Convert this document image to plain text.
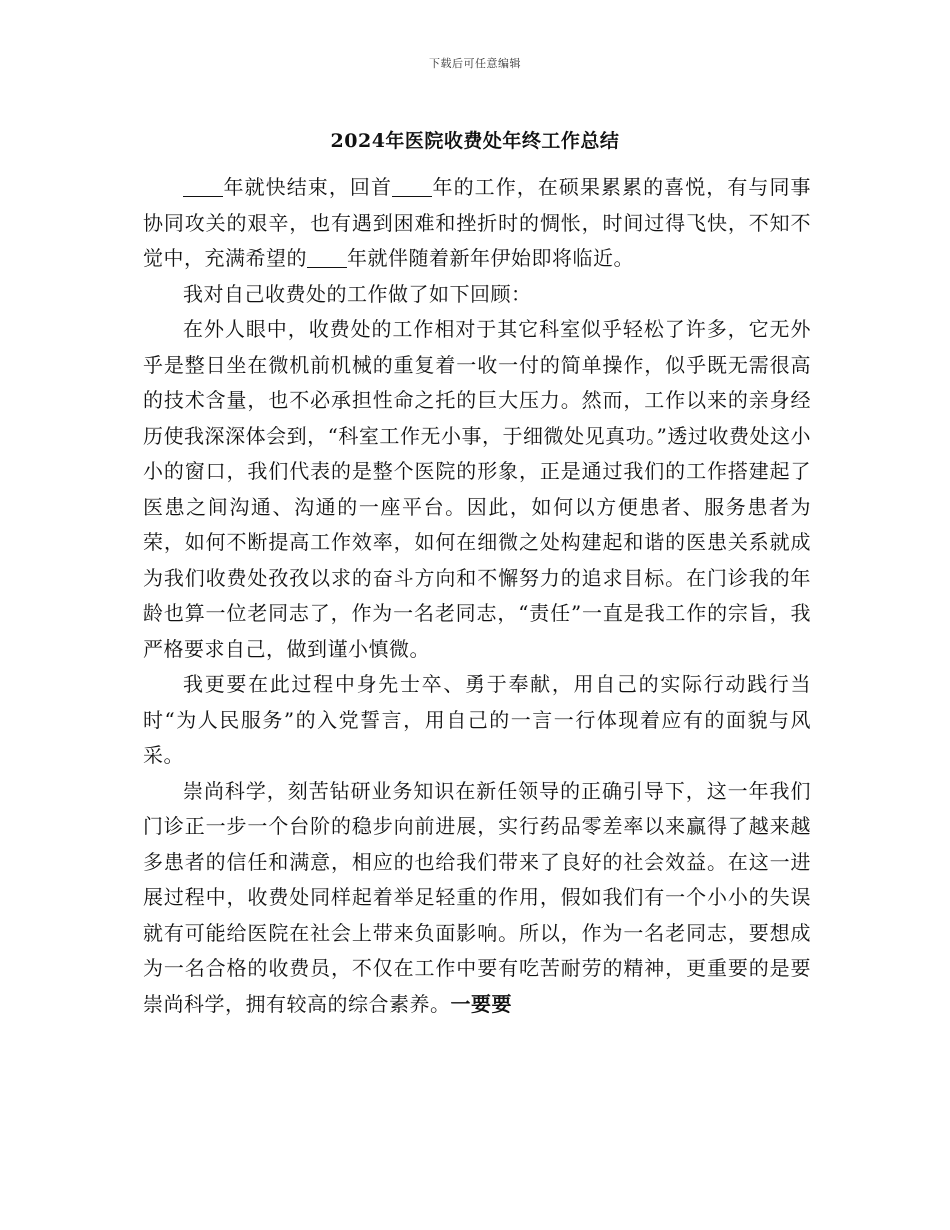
下载后可任意编辑
2024年医院收费处年终工作总结

年就快结束，回首 年的工作，在硕果累累的喜悦，有与同事协同攻关的艰辛，也有遇到困难和挫折时的惆怅，时间过得飞快，不知不觉中，充满希望的 年就伴随着新年伊始即将临近。

我对自己收费处的工作做了如下回顾：

在外人眼中，收费处的工作相对于其它科室似乎轻松了许多，它无外乎是整日坐在微机前机械的重复着一收一付的简单操作，似乎既无需很高的技术含量，也不必承担性命之托的巨大压力。然而，工作以来的亲身经历使我深深体会到，“科室工作无小事，于细微处见真功。”透过收费处这小小的窗口，我们代表的是整个医院的形象，正是通过我们的工作搭建起了医患之间沟通、沟通的一座平台。因此，如何以方便患者、服务患者为荣，如何不断提高工作效率，如何在细微之处构建起和谐的医患关系就成为我们收费处孜孜以求的奋斗方向和不懈努力的追求目标。在门诊我的年龄也算一位老同志了，作为一名老同志，“责任”一直是我工作的宗旨，我严格要求自己，做到谨小慎微。

我更要在此过程中身先士卒、勇于奉献，用自己的实际行动践行当时“为人民服务”的入党誓言，用自己的一言一行体现着应有的面貌与风采。

崇尚科学，刻苦钻研业务知识在新任领导的正确引导下，这一年我们门诊正一步一个台阶的稳步向前进展，实行药品零差率以来赢得了越来越多患者的信任和满意，相应的也给我们带来了良好的社会效益。在这一进展过程中，收费处同样起着举足轻重的作用，假如我们有一个小小的失误就有可能给医院在社会上带来负面影响。所以，作为一名老同志，要想成为一名合格的收费员，不仅在工作中要有吃苦耐劳的精神，更重要的是要崇尚科学，拥有较高的综合素养。一要要
